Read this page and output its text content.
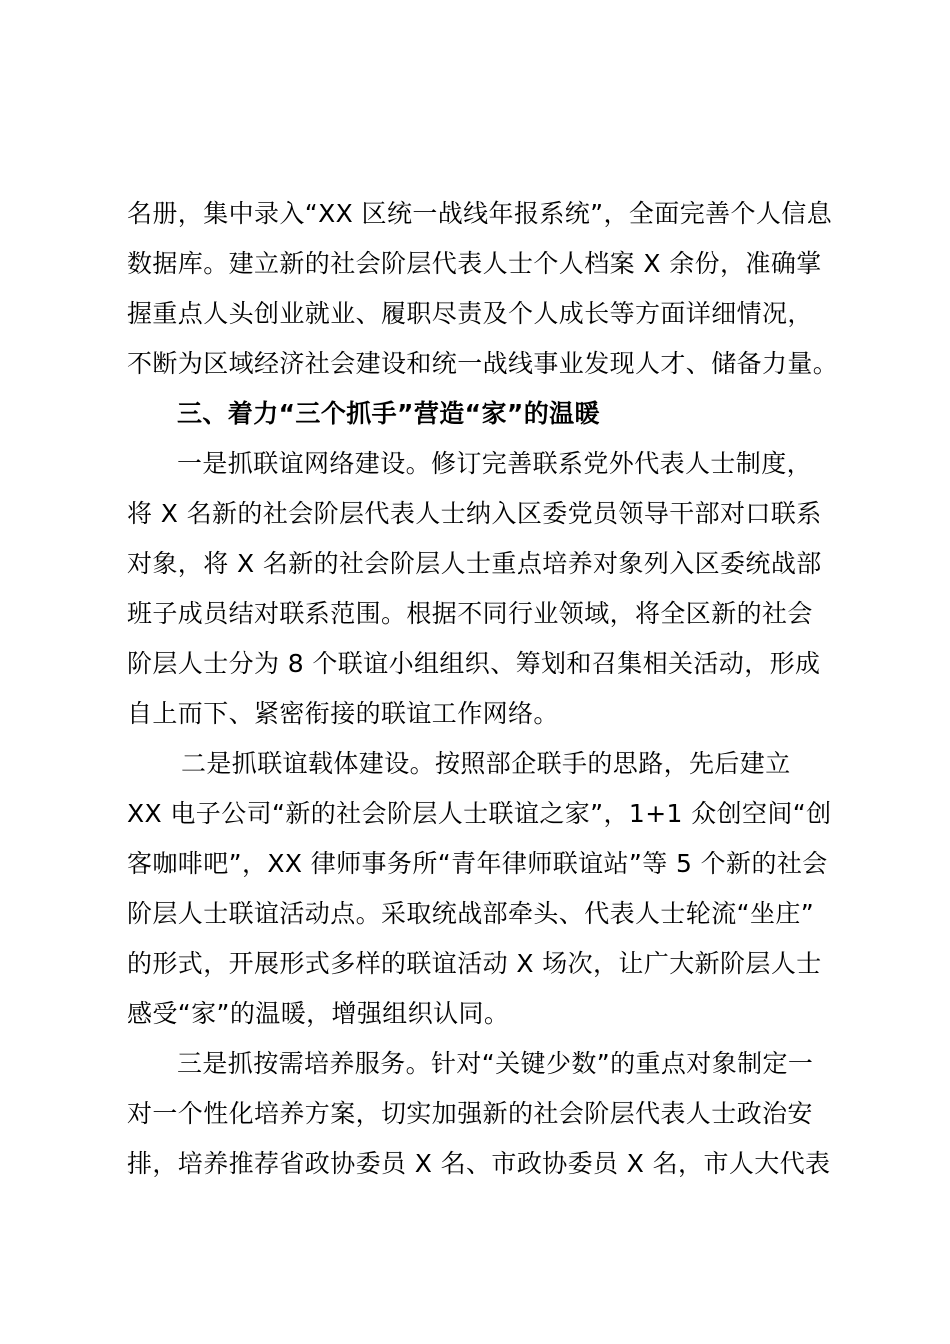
名册，集中录入“XX 区统一战线年报系统”，全面完善个人信息
数据库。建立新的社会阶层代表人士个人档案 X 余份，准确掌
握重点人头创业就业、履职尽责及个人成长等方面详细情况，
不断为区域经济社会建设和统一战线事业发现人才、储备力量。
三、着力“三个抓手”营造“家”的温暖
一是抓联谊网络建设。修订完善联系党外代表人士制度，
将 X 名新的社会阶层代表人士纳入区委党员领导干部对口联系
对象，将 X 名新的社会阶层人士重点培养对象列入区委统战部
班子成员结对联系范围。根据不同行业领域，将全区新的社会
阶层人士分为 8 个联谊小组组织、筹划和召集相关活动，形成
自上而下、紧密衔接的联谊工作网络。
二是抓联谊载体建设。按照部企联手的思路，先后建立
XX 电子公司“新的社会阶层人士联谊之家”，1+1 众创空间“创
客咖啡吧”，XX 律师事务所“青年律师联谊站”等 5 个新的社会
阶层人士联谊活动点。采取统战部牵头、代表人士轮流“坐庄”
的形式，开展形式多样的联谊活动 X 场次，让广大新阶层人士
感受“家”的温暖，增强组织认同。
三是抓按需培养服务。针对“关键少数”的重点对象制定一
对一个性化培养方案，切实加强新的社会阶层代表人士政治安
排，培养推荐省政协委员 X 名、市政协委员 X 名，市人大代表
